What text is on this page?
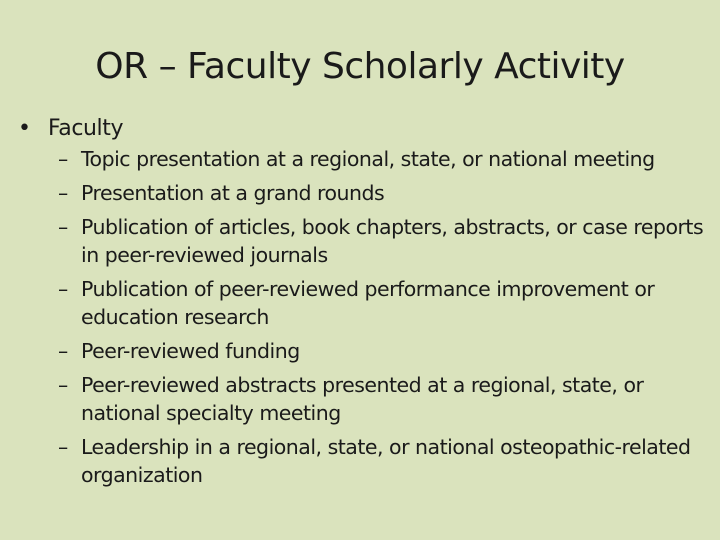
OR – Faculty Scholarly Activity
• Faculty
– Topic presentation at a regional, state, or national meeting
– Presentation at a grand rounds
– Publication of articles, book chapters, abstracts, or case reports in peer-reviewed journals
– Publication of peer-reviewed performance improvement or education research
– Peer-reviewed funding
– Peer-reviewed abstracts presented at a regional, state, or national specialty meeting
– Leadership in a regional, state, or national osteopathic-related organization
